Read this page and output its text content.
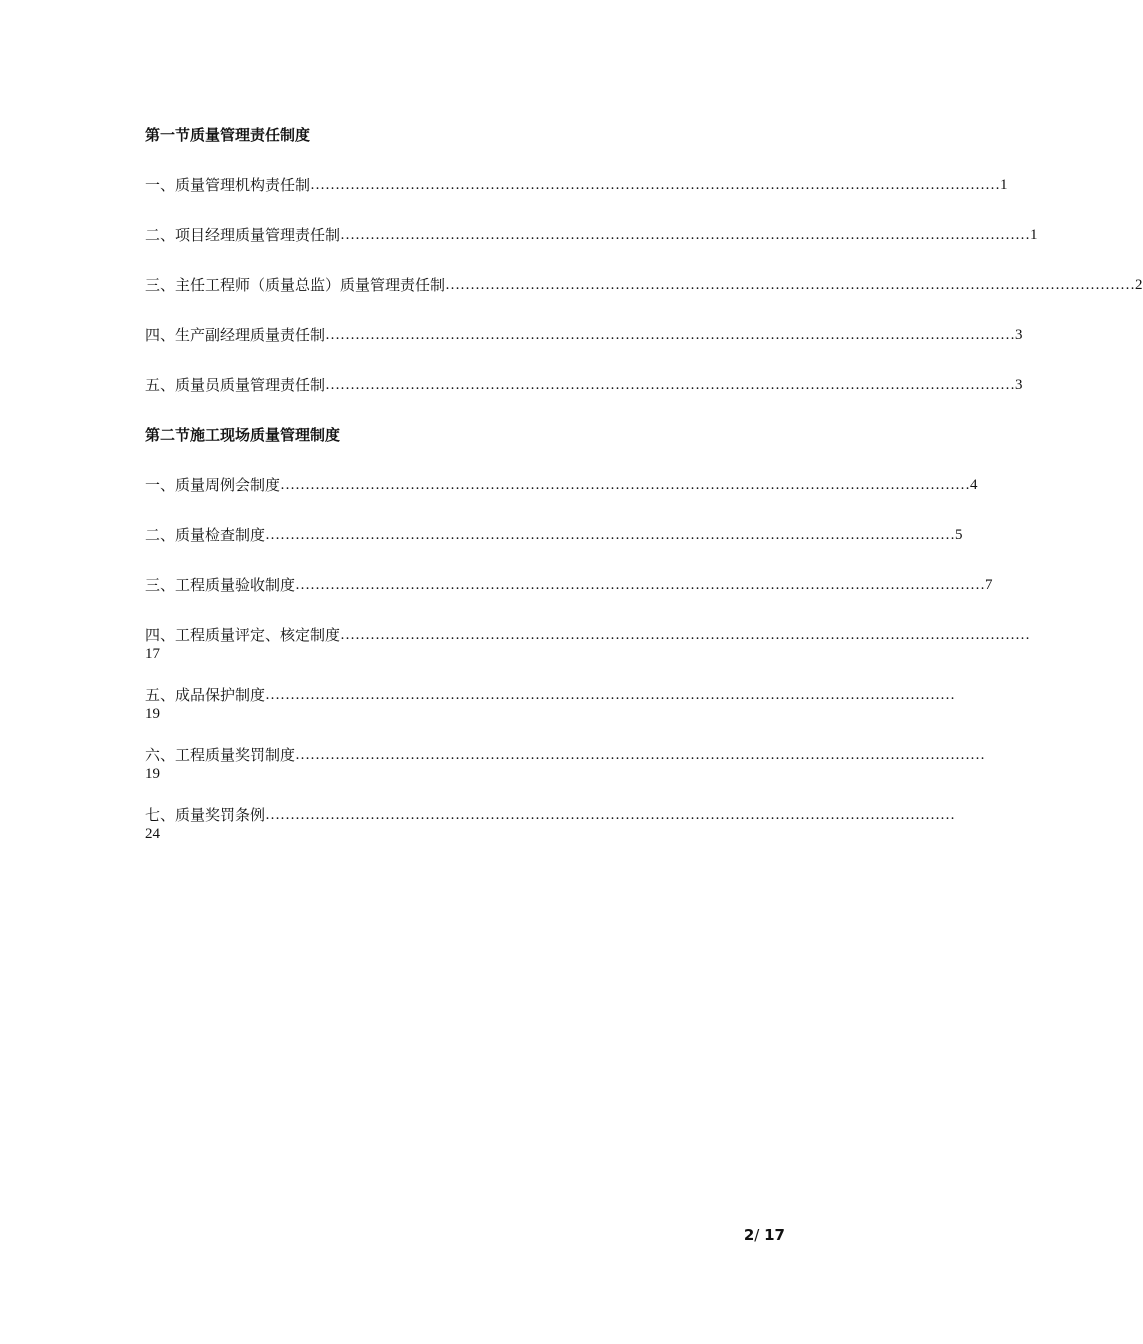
第一节质量管理责任制度
一、质量管理机构责任制 ………………………………………………………………………………………………………………………… 1
二、项目经理质量管理责任制 ………………………………………………………………………………………………………………………… 1
三、主任工程师（质量总监）质量管理责任制 ………………………………………………………………………………………………………………………… 2
四、生产副经理质量责任制 ………………………………………………………………………………………………………………………… 3
五、质量员质量管理责任制 ………………………………………………………………………………………………………………………… 3
第二节施工现场质量管理制度
一、质量周例会制度 ………………………………………………………………………………………………………………………… 4
二、质量检查制度 ………………………………………………………………………………………………………………………… 5
三、工程质量验收制度 ………………………………………………………………………………………………………………………… 7
四、工程质量评定、核定制度 …………………………………………………………………………………………………………………………
17
五、成品保护制度 …………………………………………………………………………………………………………………………
19
六、工程质量奖罚制度 …………………………………………………………………………………………………………………………
19
七、质量奖罚条例 …………………………………………………………………………………………………………………………
24
2/ 17
